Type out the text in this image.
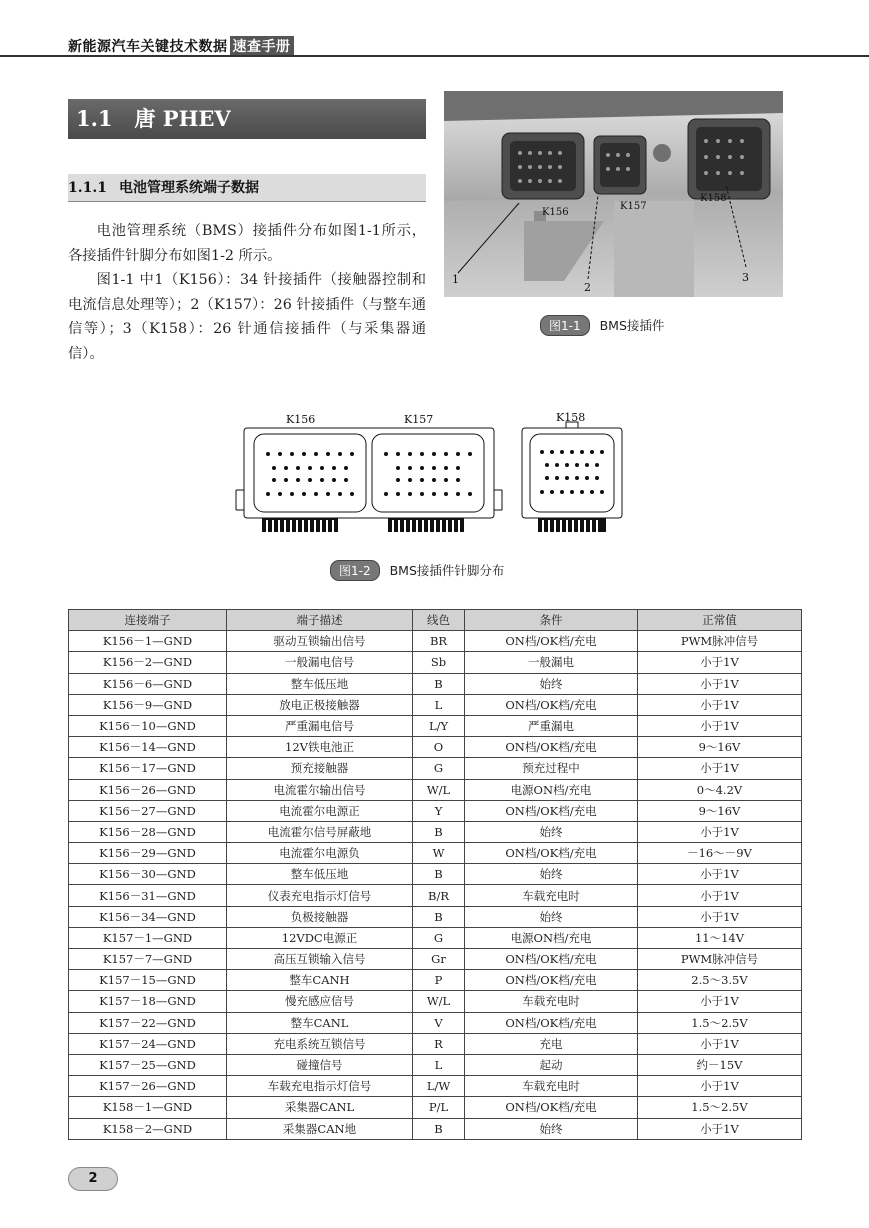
新能源汽车关键技术数据 速查手册
1.1 唐 PHEV
1.1.1 电池管理系统端子数据
电池管理系统（BMS）接插件分布如图1-1所示，各接插件针脚分布如图1-2 所示。
图1-1 中1（K156）：34 针接插件（接触器控制和电流信息处理等）；2（K157）：26 针接插件（与整车通信等）；3（K158）：26 针通信接插件（与采集器通信）。
K156
K157
K158
1
2
3
图1-1 BMS接插件
K156	K157	K158
图1-2 BMS接插件针脚分布
连接端子	端子描述	线色	条件	正常值
K156－1—GND	驱动互锁输出信号	BR	ON档/OK档/充电	PWM脉冲信号
K156－2—GND	一般漏电信号	Sb	一般漏电	小于1V
K156－6—GND	整车低压地	B	始终	小于1V
K156－9—GND	放电正极接触器	L	ON档/OK档/充电	小于1V
K156－10—GND	严重漏电信号	L/Y	严重漏电	小于1V
K156－14—GND	12V铁电池正	O	ON档/OK档/充电	9～16V
K156－17—GND	预充接触器	G	预充过程中	小于1V
K156－26—GND	电流霍尔输出信号	W/L	电源ON档/充电	0～4.2V
K156－27—GND	电流霍尔电源正	Y	ON档/OK档/充电	9～16V
K156－28—GND	电流霍尔信号屏蔽地	B	始终	小于1V
K156－29—GND	电流霍尔电源负	W	ON档/OK档/充电	－16～－9V
K156－30—GND	整车低压地	B	始终	小于1V
K156－31—GND	仪表充电指示灯信号	B/R	车载充电时	小于1V
K156－34—GND	负极接触器	B	始终	小于1V
K157－1—GND	12VDC电源正	G	电源ON档/充电	11～14V
K157－7—GND	高压互锁输入信号	Gr	ON档/OK档/充电	PWM脉冲信号
K157－15—GND	整车CANH	P	ON档/OK档/充电	2.5～3.5V
K157－18—GND	慢充感应信号	W/L	车载充电时	小于1V
K157－22—GND	整车CANL	V	ON档/OK档/充电	1.5～2.5V
K157－24—GND	充电系统互锁信号	R	充电	小于1V
K157－25—GND	碰撞信号	L	起动	约－15V
K157－26—GND	车载充电指示灯信号	L/W	车载充电时	小于1V
K158－1—GND	采集器CANL	P/L	ON档/OK档/充电	1.5～2.5V
K158－2—GND	采集器CAN地	B	始终	小于1V
2
